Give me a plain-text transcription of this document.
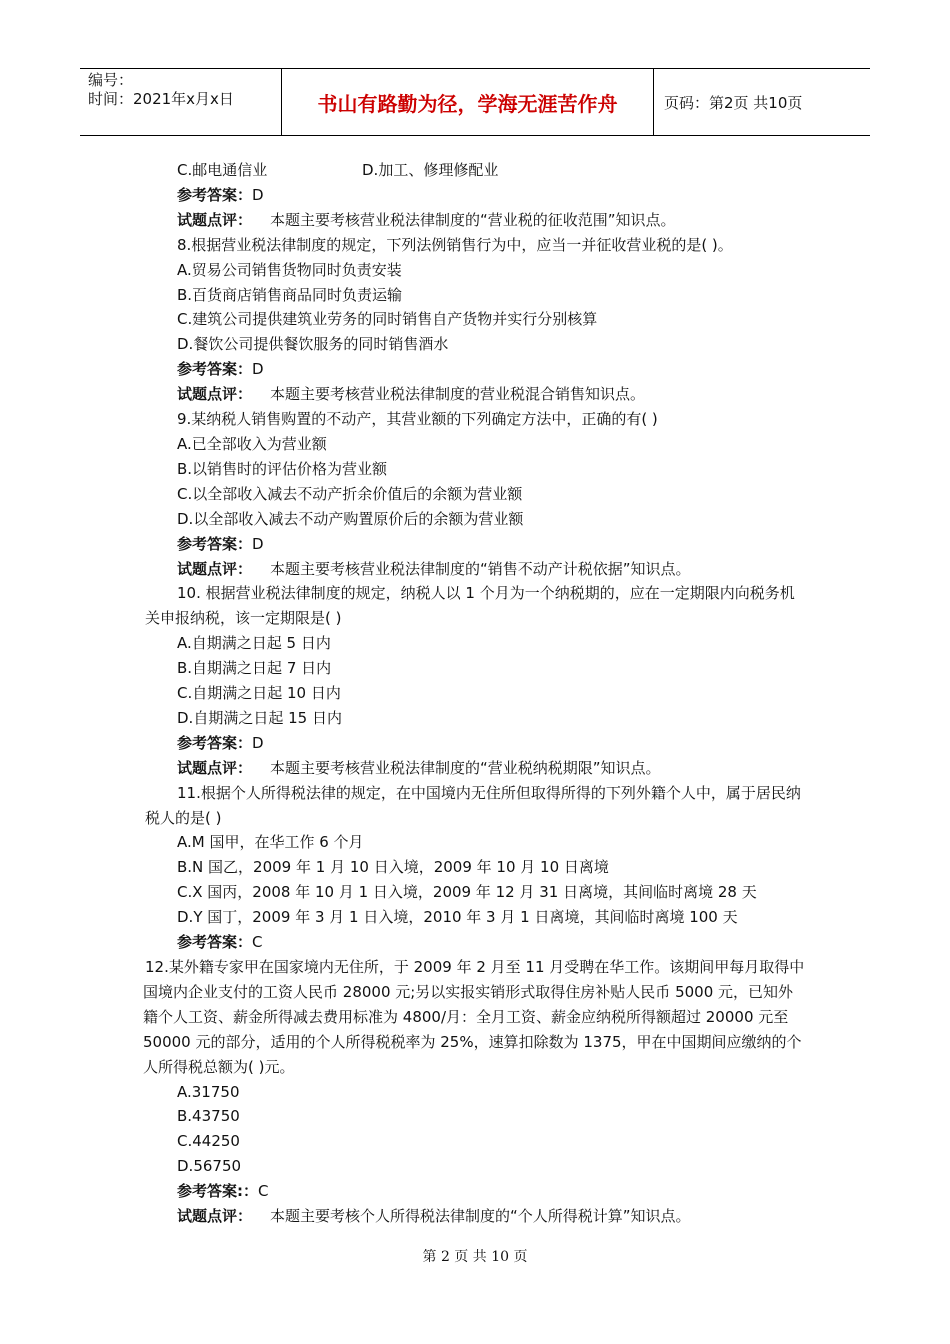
编号：
时间：2021年x月x日	书山有路勤为径，学海无涯苦作舟	页码：第2页 共10页
C.邮电通信业	D.加工、修理修配业
参考答案：D
试题点评： 本题主要考核营业税法律制度的“营业税的征收范围”知识点。
8.根据营业税法律制度的规定，下列法例销售行为中，应当一并征收营业税的是( )。
A.贸易公司销售货物同时负责安装
B.百货商店销售商品同时负责运输
C.建筑公司提供建筑业劳务的同时销售自产货物并实行分别核算
D.餐饮公司提供餐饮服务的同时销售酒水
参考答案：D
试题点评： 本题主要考核营业税法律制度的营业税混合销售知识点。
9.某纳税人销售购置的不动产，其营业额的下列确定方法中，正确的有( )
A.已全部收入为营业额
B.以销售时的评估价格为营业额
C.以全部收入减去不动产折余价值后的余额为营业额
D.以全部收入减去不动产购置原价后的余额为营业额
参考答案：D
试题点评： 本题主要考核营业税法律制度的“销售不动产计税依据”知识点。
10. 根据营业税法律制度的规定，纳税人以 1 个月为一个纳税期的，应在一定期限内向税务机关申报纳税，该一定期限是( )
A.自期满之日起 5 日内
B.自期满之日起 7 日内
C.自期满之日起 10 日内
D.自期满之日起 15 日内
参考答案：D
试题点评： 本题主要考核营业税法律制度的“营业税纳税期限”知识点。
11.根据个人所得税法律的规定，在中国境内无住所但取得所得的下列外籍个人中，属于居民纳税人的是( )
A.M 国甲，在华工作 6 个月
B.N 国乙，2009 年 1 月 10 日入境，2009 年 10 月 10 日离境
C.X 国丙，2008 年 10 月 1 日入境，2009 年 12 月 31 日离境，其间临时离境 28 天
D.Y 国丁，2009 年 3 月 1 日入境，2010 年 3 月 1 日离境，其间临时离境 100 天
参考答案：C
12.某外籍专家甲在国家境内无住所，于 2009 年 2 月至 11 月受聘在华工作。该期间甲每月取得中国境内企业支付的工资人民币 28000 元;另以实报实销形式取得住房补贴人民币 5000 元，已知外籍个人工资、薪金所得减去费用标准为 4800/月：全月工资、薪金应纳税所得额超过 20000 元至 50000 元的部分，适用的个人所得税税率为 25%，速算扣除数为 1375，甲在中国期间应缴纳的个人所得税总额为( )元。
A.31750
B.43750
C.44250
D.56750
参考答案:：C
试题点评： 本题主要考核个人所得税法律制度的“个人所得税计算”知识点。
第 2 页 共 10 页
